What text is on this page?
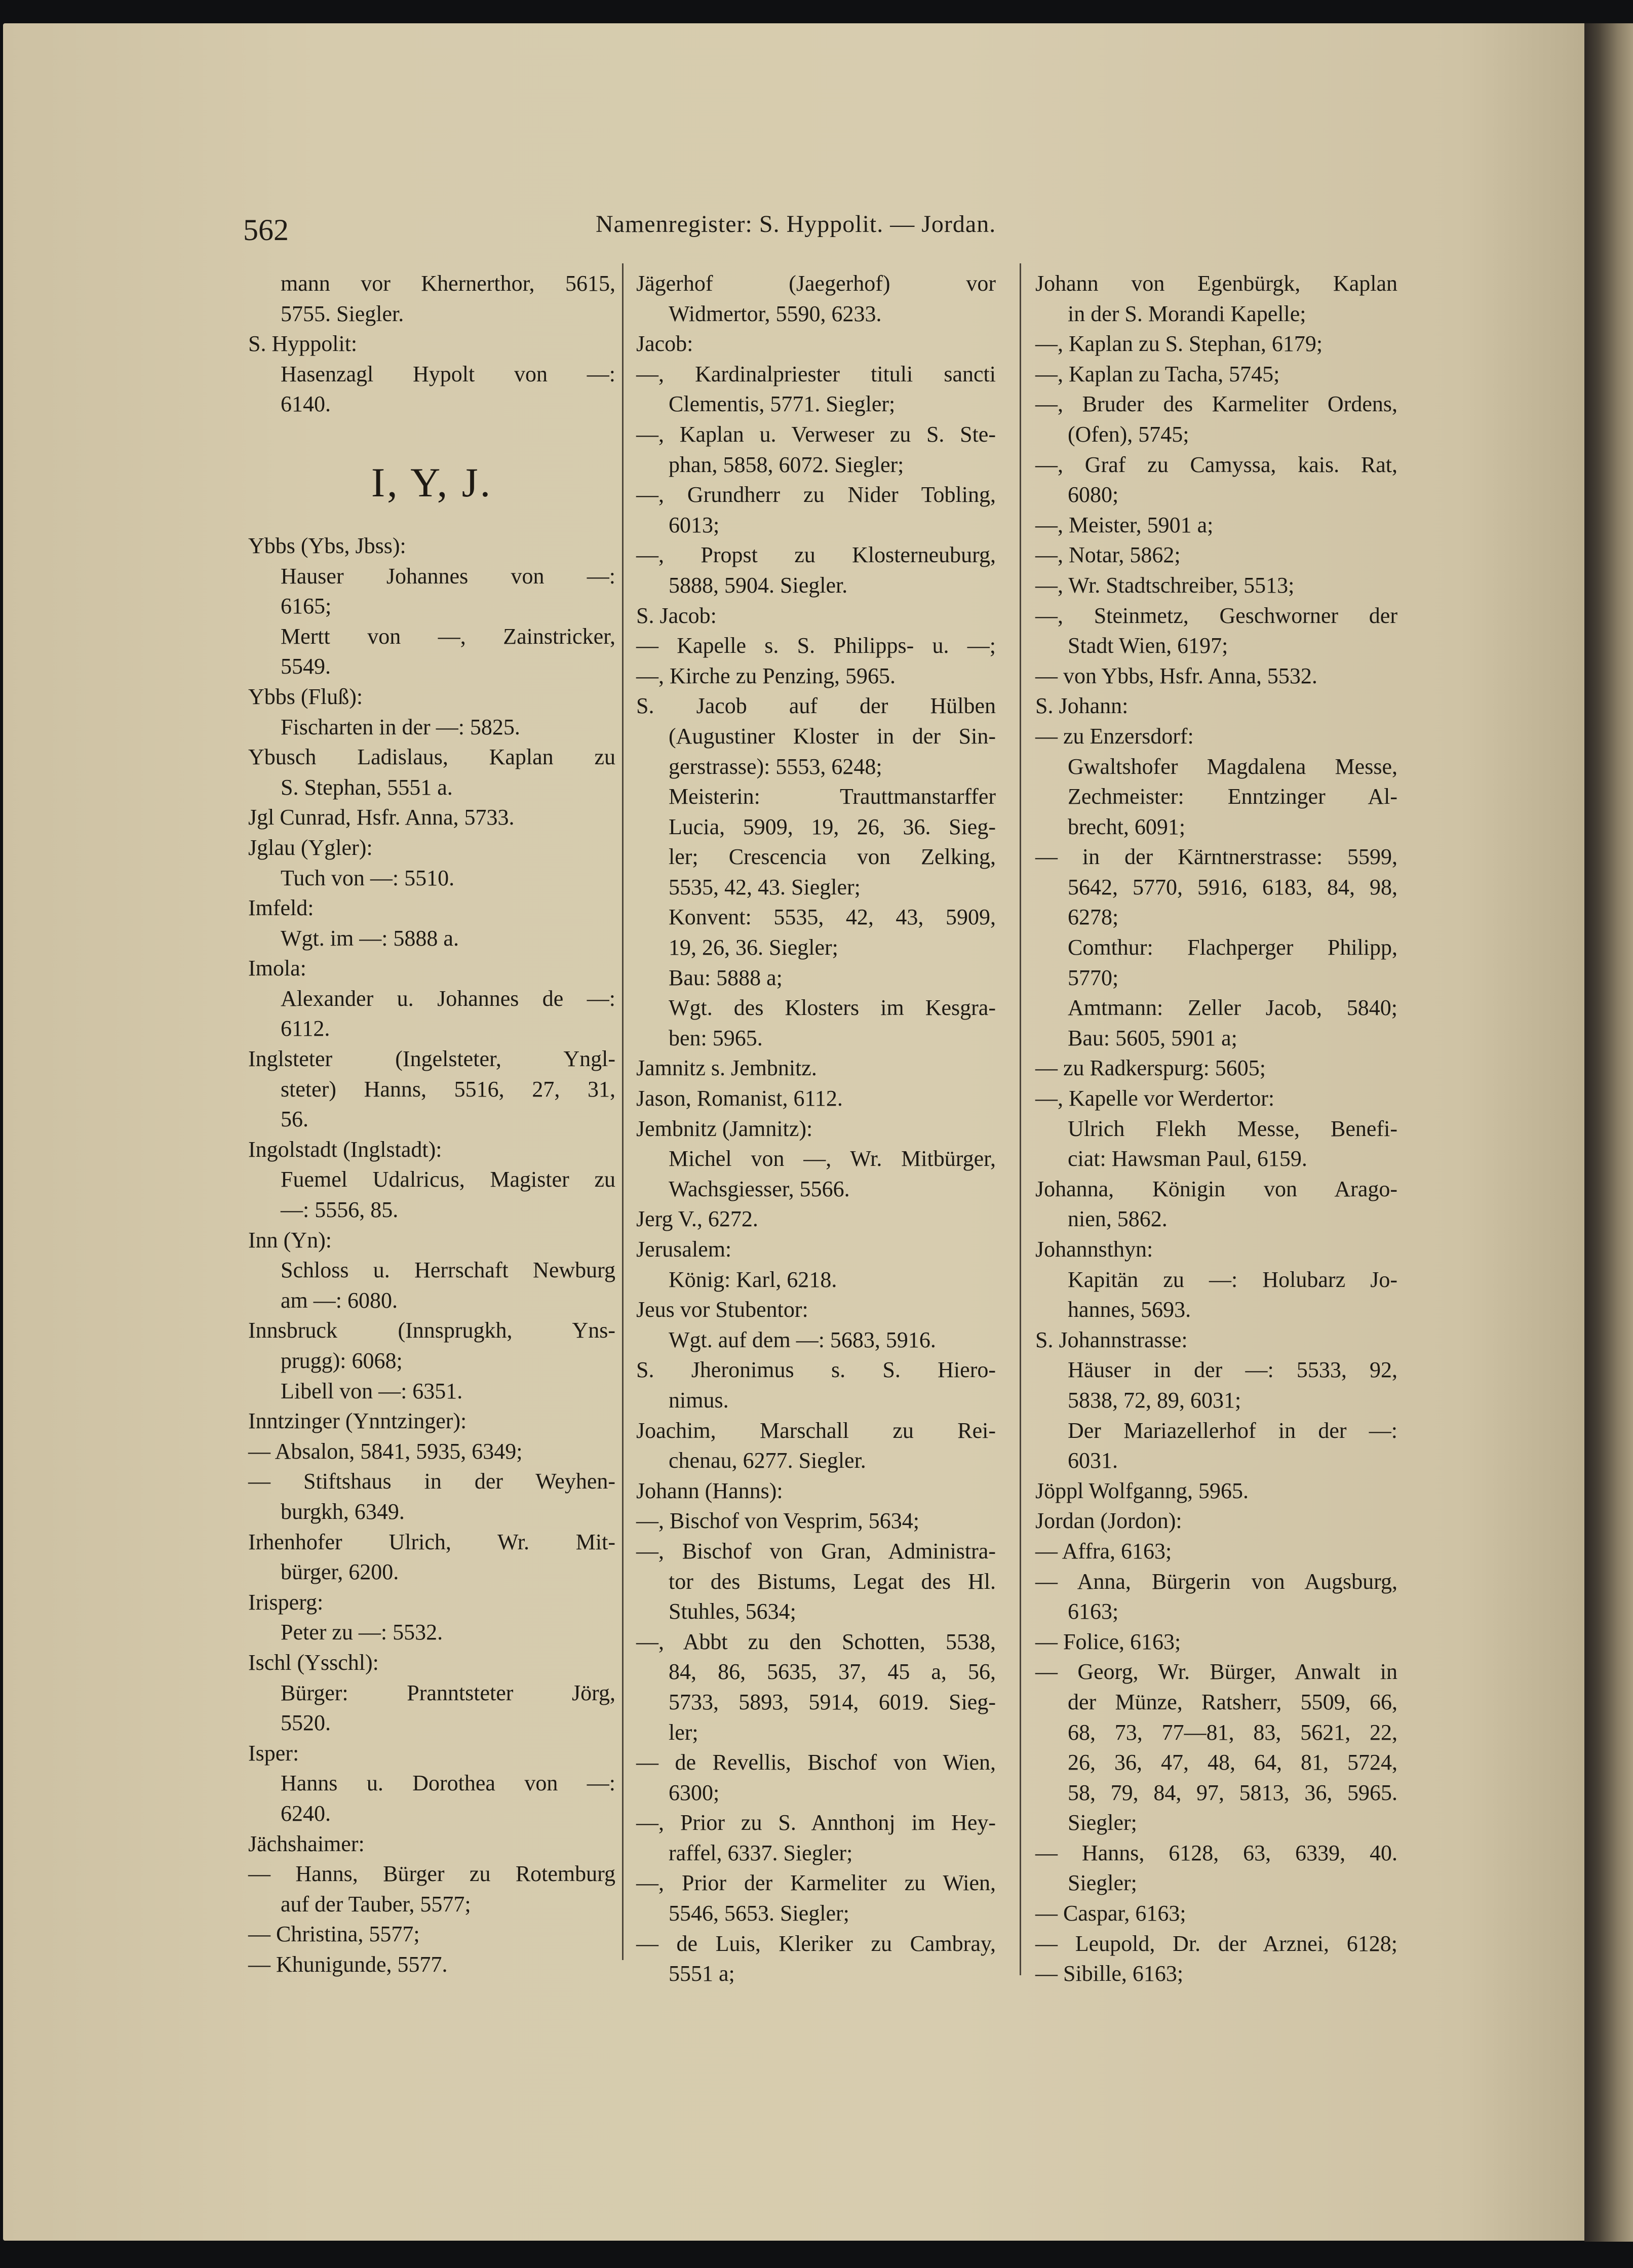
562	Namenregister: S. Hyppolit. — Jordan.
mann vor Khernerthor, 5615,
5755. Siegler.
S. Hyppolit:
Hasenzagl Hypolt von —:
6140.
I, Y, J.
Ybbs (Ybs, Jbss):
Hauser Johannes von —:
6165;
Mertt von —, Zainstricker,
5549.
Ybbs (Fluß):
Fischarten in der —: 5825.
Ybusch Ladislaus, Kaplan zu
S. Stephan, 5551 a.
Jgl Cunrad, Hsfr. Anna, 5733.
Jglau (Ygler):
Tuch von —: 5510.
Imfeld:
Wgt. im —: 5888 a.
Imola:
Alexander u. Johannes de —:
6112.
Inglsteter (Ingelsteter, Yngl-
steter) Hanns, 5516, 27, 31,
56.
Ingolstadt (Inglstadt):
Fuemel Udalricus, Magister zu
—: 5556, 85.
Inn (Yn):
Schloss u. Herrschaft Newburg
am —: 6080.
Innsbruck (Innsprugkh, Yns-
prugg): 6068;
Libell von —: 6351.
Inntzinger (Ynntzinger):
— Absalon, 5841, 5935, 6349;
— Stiftshaus in der Weyhen-
burgkh, 6349.
Irhenhofer Ulrich, Wr. Mit-
bürger, 6200.
Irisperg:
Peter zu —: 5532.
Ischl (Ysschl):
Bürger: Pranntsteter Jörg,
5520.
Isper:
Hanns u. Dorothea von —:
6240.
Jächshaimer:
— Hanns, Bürger zu Rotemburg
auf der Tauber, 5577;
— Christina, 5577;
— Khunigunde, 5577.
Jägerhof (Jaegerhof) vor
Widmertor, 5590, 6233.
Jacob:
—, Kardinalpriester tituli sancti
Clementis, 5771. Siegler;
—, Kaplan u. Verweser zu S. Ste-
phan, 5858, 6072. Siegler;
—, Grundherr zu Nider Tobling,
6013;
—, Propst zu Klosterneuburg,
5888, 5904. Siegler.
S. Jacob:
— Kapelle s. S. Philipps- u. —;
—, Kirche zu Penzing, 5965.
S. Jacob auf der Hülben
(Augustiner Kloster in der Sin-
gerstrasse): 5553, 6248;
Meisterin: Trauttmanstarffer
Lucia, 5909, 19, 26, 36. Sieg-
ler; Crescencia von Zelking,
5535, 42, 43. Siegler;
Konvent: 5535, 42, 43, 5909,
19, 26, 36. Siegler;
Bau: 5888 a;
Wgt. des Klosters im Kesgra-
ben: 5965.
Jamnitz s. Jembnitz.
Jason, Romanist, 6112.
Jembnitz (Jamnitz):
Michel von —, Wr. Mitbürger,
Wachsgiesser, 5566.
Jerg V., 6272.
Jerusalem:
König: Karl, 6218.
Jeus vor Stubentor:
Wgt. auf dem —: 5683, 5916.
S. Jheronimus s. S. Hiero-
nimus.
Joachim, Marschall zu Rei-
chenau, 6277. Siegler.
Johann (Hanns):
—, Bischof von Vesprim, 5634;
—, Bischof von Gran, Administra-
tor des Bistums, Legat des Hl.
Stuhles, 5634;
—, Abbt zu den Schotten, 5538,
84, 86, 5635, 37, 45 a, 56,
5733, 5893, 5914, 6019. Sieg-
ler;
— de Revellis, Bischof von Wien,
6300;
—, Prior zu S. Annthonj im Hey-
raffel, 6337. Siegler;
—, Prior der Karmeliter zu Wien,
5546, 5653. Siegler;
— de Luis, Kleriker zu Cambray,
5551 a;
Johann von Egenbürgk, Kaplan
in der S. Morandi Kapelle;
—, Kaplan zu S. Stephan, 6179;
—, Kaplan zu Tacha, 5745;
—, Bruder des Karmeliter Ordens,
(Ofen), 5745;
—, Graf zu Camyssa, kais. Rat,
6080;
—, Meister, 5901 a;
—, Notar, 5862;
—, Wr. Stadtschreiber, 5513;
—, Steinmetz, Geschworner der
Stadt Wien, 6197;
— von Ybbs, Hsfr. Anna, 5532.
S. Johann:
— zu Enzersdorf:
Gwaltshofer Magdalena Messe,
Zechmeister: Enntzinger Al-
brecht, 6091;
— in der Kärntnerstrasse: 5599,
5642, 5770, 5916, 6183, 84, 98,
6278;
Comthur: Flachperger Philipp,
5770;
Amtmann: Zeller Jacob, 5840;
Bau: 5605, 5901 a;
— zu Radkerspurg: 5605;
—, Kapelle vor Werdertor:
Ulrich Flekh Messe, Benefi-
ciat: Hawsman Paul, 6159.
Johanna, Königin von Arago-
nien, 5862.
Johannsthyn:
Kapitän zu —: Holubarz Jo-
hannes, 5693.
S. Johannstrasse:
Häuser in der —: 5533, 92,
5838, 72, 89, 6031;
Der Mariazellerhof in der —:
6031.
Jöppl Wolfganng, 5965.
Jordan (Jordon):
— Affra, 6163;
— Anna, Bürgerin von Augsburg,
6163;
— Folice, 6163;
— Georg, Wr. Bürger, Anwalt in
der Münze, Ratsherr, 5509, 66,
68, 73, 77—81, 83, 5621, 22,
26, 36, 47, 48, 64, 81, 5724,
58, 79, 84, 97, 5813, 36, 5965.
Siegler;
— Hanns, 6128, 63, 6339, 40.
Siegler;
— Caspar, 6163;
— Leupold, Dr. der Arznei, 6128;
— Sibille, 6163;
